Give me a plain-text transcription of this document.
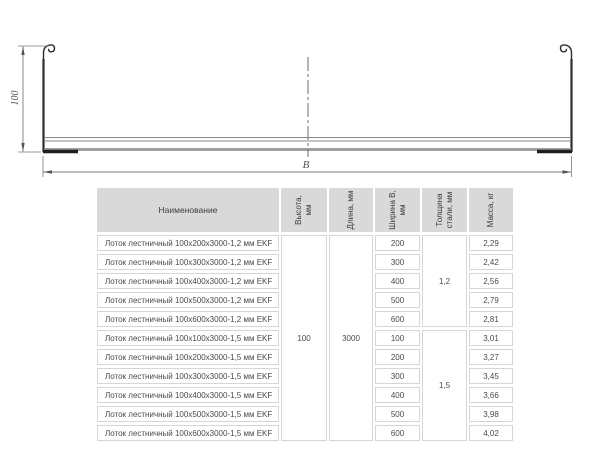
100
B
Наименование	Высота, мм	Длина, мм	Ширина В, мм	Толщина стали, мм	Масса, кг

Лоток лестничный 100x200x3000-1,2 мм EKF	100	3000	200	1,2	2,29
Лоток лестничный 100x300x3000-1,2 мм EKF			300		2,42
Лоток лестничный 100x400x3000-1,2 мм EKF			400		2,56
Лоток лестничный 100x500x3000-1,2 мм EKF			500		2,79
Лоток лестничный 100x600x3000-1,2 мм EKF			600		2,81
Лоток лестничный 100x100x3000-1,5 мм EKF			100	1,5	3,01
Лоток лестничный 100x200x3000-1,5 мм EKF			200		3,27
Лоток лестничный 100x300x3000-1,5 мм EKF			300		3,45
Лоток лестничный 100x400x3000-1,5 мм EKF			400		3,66
Лоток лестничный 100x500x3000-1,5 мм EKF			500		3,98
Лоток лестничный 100x600x3000-1,5 мм EKF			600		4,02
